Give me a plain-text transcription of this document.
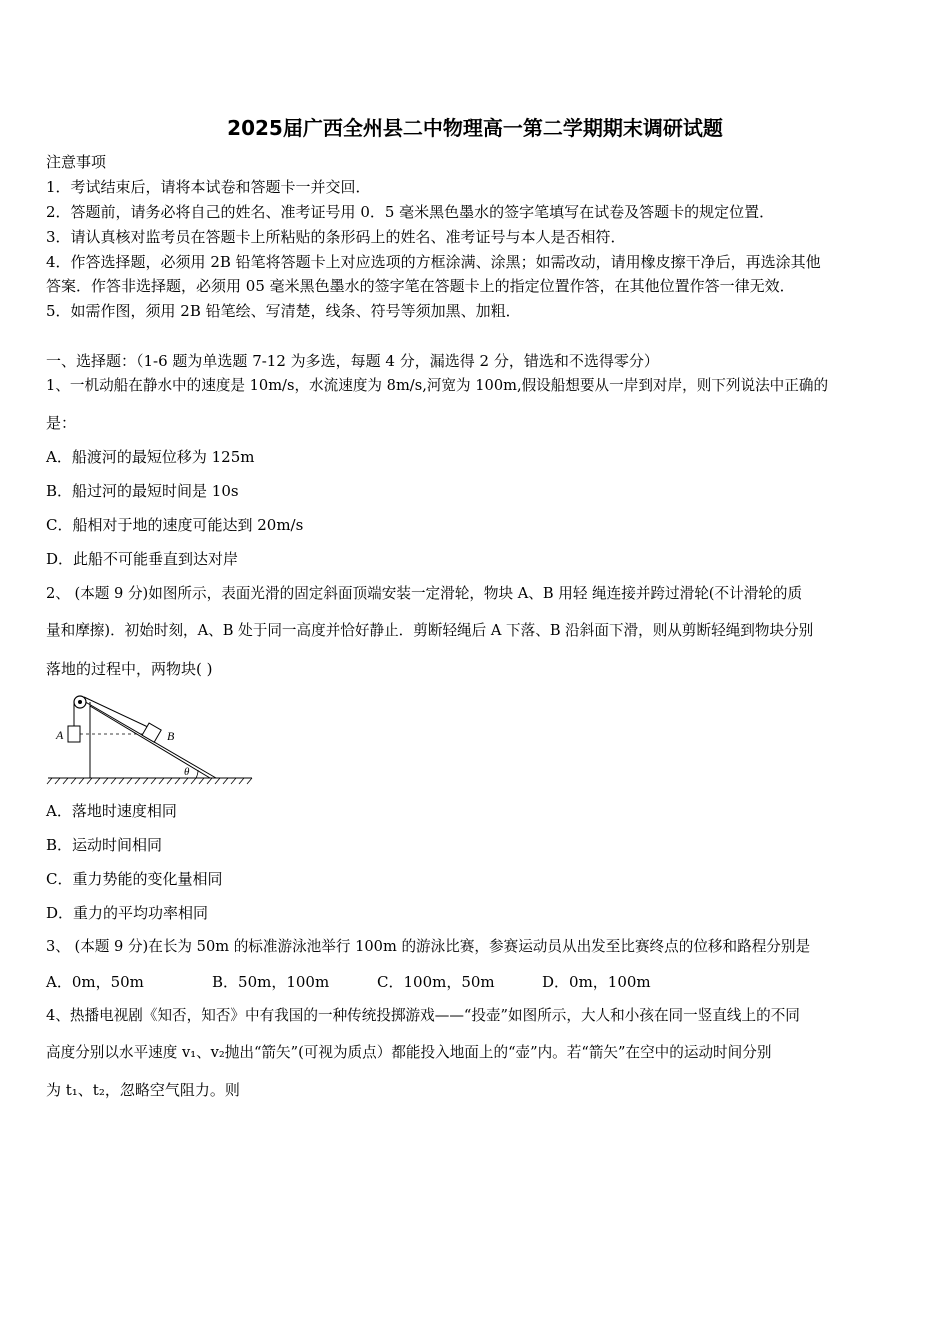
2025届广西全州县二中物理高一第二学期期末调研试题
注意事项
1．考试结束后，请将本试卷和答题卡一并交回．
2．答题前，请务必将自己的姓名、准考证号用 0．5 毫米黑色墨水的签字笔填写在试卷及答题卡的规定位置．
3．请认真核对监考员在答题卡上所粘贴的条形码上的姓名、准考证号与本人是否相符．
4．作答选择题，必须用 2B 铅笔将答题卡上对应选项的方框涂满、涂黑；如需改动，请用橡皮擦干净后，再选涂其他
答案．作答非选择题，必须用 05 毫米黑色墨水的签字笔在答题卡上的指定位置作答，在其他位置作答一律无效．
5．如需作图，须用 2B 铅笔绘、写清楚，线条、符号等须加黑、加粗．
一、选择题：（1-6 题为单选题 7-12 为多选，每题 4 分，漏选得 2 分，错选和不选得零分）
1、一机动船在静水中的速度是 10m/s，水流速度为 8m/s,河宽为 100m,假设船想要从一岸到对岸，则下列说法中正确的
是：
A．船渡河的最短位移为 125m
B．船过河的最短时间是 10s
C．船相对于地的速度可能达到 20m/s
D．此船不可能垂直到达对岸
2、 (本题 9 分)如图所示，表面光滑的固定斜面顶端安装一定滑轮，物块 A、B 用轻 绳连接并跨过滑轮(不计滑轮的质
量和摩擦)．初始时刻，A、B 处于同一高度并恰好静止．剪断轻绳后 A 下落、B 沿斜面下滑，则从剪断轻绳到物块分别
落地的过程中，两物块( )
A	B
θ
A．落地时速度相同
B．运动时间相同
C．重力势能的变化量相同
D．重力的平均功率相同
3、 (本题 9 分)在长为 50m 的标准游泳池举行 100m 的游泳比赛，参赛运动员从出发至比赛终点的位移和路程分别是
A．0m，50m	B．50m，100m	C．100m，50m	D．0m，100m
4、热播电视剧《知否，知否》中有我国的一种传统投掷游戏——“投壶”如图所示，大人和小孩在同一竖直线上的不同
高度分别以水平速度 v₁、v₂抛出“箭矢”(可视为质点）都能投入地面上的“壶”内。若“箭矢”在空中的运动时间分别
为 t₁、t₂，忽略空气阻力。则
